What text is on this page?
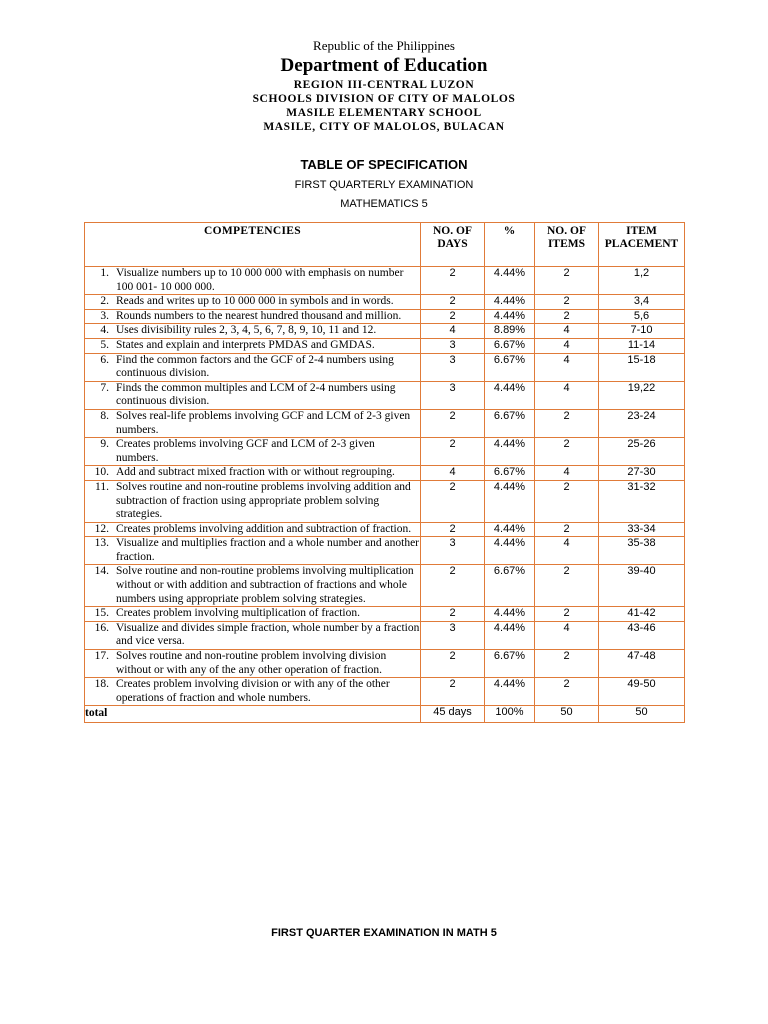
Republic of the Philippines
Department of Education
REGION III-CENTRAL LUZON
SCHOOLS DIVISION OF CITY OF MALOLOS
MASILE ELEMENTARY SCHOOL
MASILE, CITY OF MALOLOS, BULACAN
TABLE OF SPECIFICATION
FIRST QUARTERLY EXAMINATION
MATHEMATICS 5
COMPETENCIES	NO. OF DAYS	%	NO. OF ITEMS	ITEM PLACEMENT

1. Visualize numbers up to 10 000 000 with emphasis on number 100 001- 10 000 000.	2	4.44%	2	1,2

2. Reads and writes up to 10 000 000 in symbols and in words.	2	4.44%	2	3,4

3. Rounds numbers to the nearest hundred thousand and million.	2	4.44%	2	5,6

4. Uses divisibility rules 2, 3, 4, 5, 6, 7, 8, 9, 10, 11 and 12.	4	8.89%	4	7-10

5. States and explain and interprets PMDAS and GMDAS.	3	6.67%	4	11-14

6. Find the common factors and the GCF of 2-4 numbers using continuous division.	3	6.67%	4	15-18

7. Finds the common multiples and LCM of 2-4 numbers using continuous division.	3	4.44%	4	19,22

8. Solves real-life problems involving GCF and LCM of 2-3 given numbers.	2	6.67%	2	23-24

9. Creates problems involving GCF and LCM of 2-3 given numbers.	2	4.44%	2	25-26

10. Add and subtract mixed fraction with or without regrouping.	4	6.67%	4	27-30

11. Solves routine and non-routine problems involving addition and subtraction of fraction using appropriate problem solving strategies.	2	4.44%	2	31-32

12. Creates problems involving addition and subtraction of fraction.	2	4.44%	2	33-34

13. Visualize and multiplies fraction and a whole number and another fraction.	3	4.44%	4	35-38

14. Solve routine and non-routine problems involving multiplication without or with addition and subtraction of fractions and whole numbers using appropriate problem solving strategies.	2	6.67%	2	39-40

15. Creates problem involving multiplication of fraction.	2	4.44%	2	41-42

16. Visualize and divides simple fraction, whole number by a fraction and vice versa.	3	4.44%	4	43-46

17. Solves routine and non-routine problem involving division without or with any of the any other operation of fraction.	2	6.67%	2	47-48

18. Creates problem involving division or with any of the other operations of fraction and whole numbers.	2	4.44%	2	49-50
total	45 days	100%	50	50
FIRST QUARTER EXAMINATION IN MATH 5
